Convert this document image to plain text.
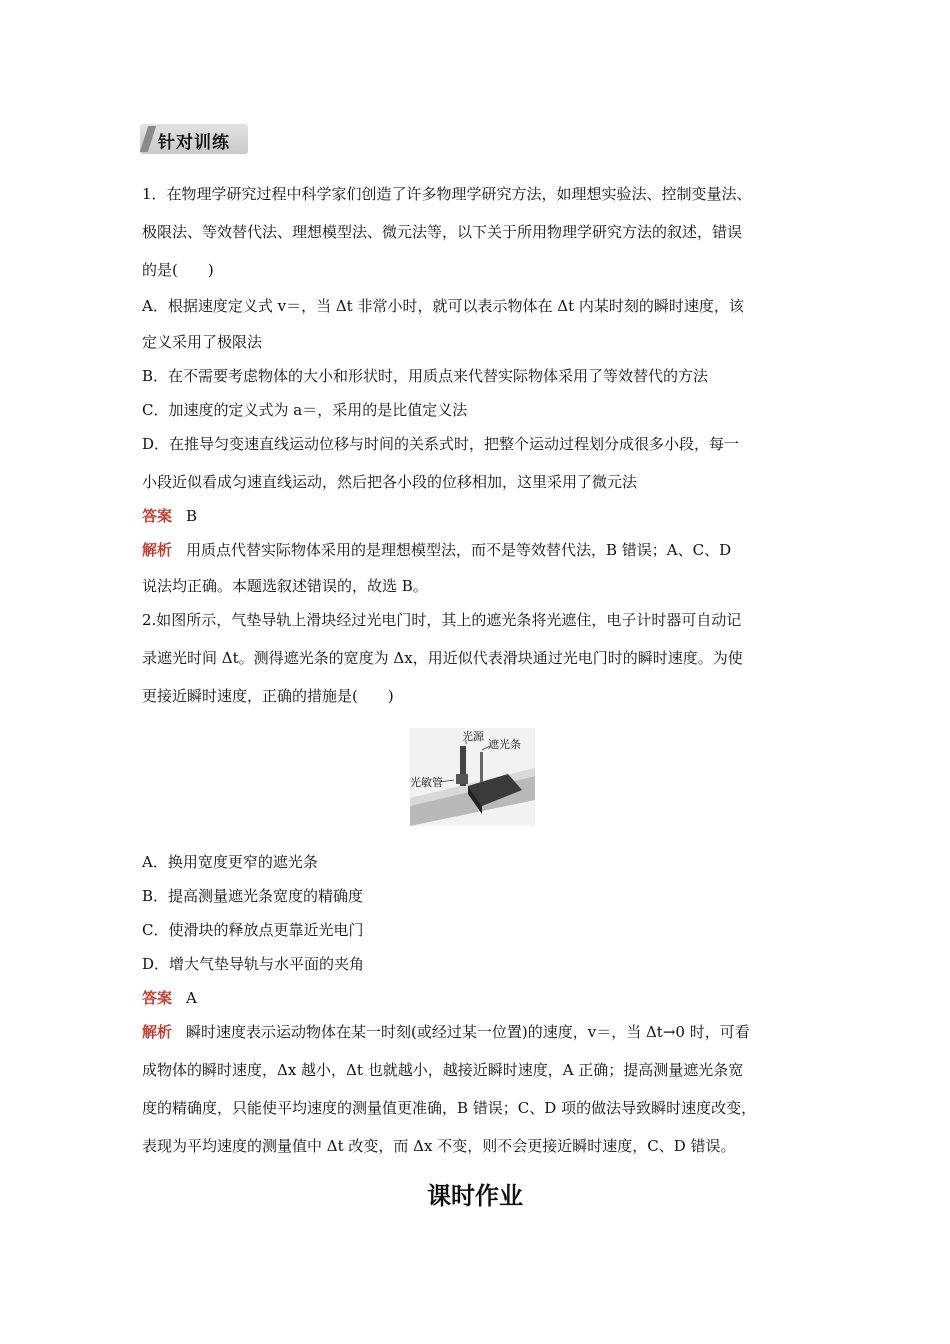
针对训练
1．在物理学研究过程中科学家们创造了许多物理学研究方法，如理想实验法、控制变量法、
极限法、等效替代法、理想模型法、微元法等，以下关于所用物理学研究方法的叙述，错误
的是(　　)
A．根据速度定义式 v＝，当 Δt 非常小时，就可以表示物体在 Δt 内某时刻的瞬时速度，该
定义采用了极限法
B．在不需要考虑物体的大小和形状时，用质点来代替实际物体采用了等效替代的方法
C．加速度的定义式为 a＝，采用的是比值定义法
D．在推导匀变速直线运动位移与时间的关系式时，把整个运动过程划分成很多小段，每一
小段近似看成匀速直线运动，然后把各小段的位移相加，这里采用了微元法
答案 B
解析 用质点代替实际物体采用的是理想模型法，而不是等效替代法，B 错误；A、C、D
说法均正确。本题选叙述错误的，故选 B。
2.如图所示，气垫导轨上滑块经过光电门时，其上的遮光条将光遮住，电子计时器可自动记
录遮光时间 Δt。测得遮光条的宽度为 Δx，用近似代表滑块通过光电门时的瞬时速度。为使
更接近瞬时速度，正确的措施是(　　)
光源
遮光条
光敏管
A．换用宽度更窄的遮光条
B．提高测量遮光条宽度的精确度
C．使滑块的释放点更靠近光电门
D．增大气垫导轨与水平面的夹角
答案 A
解析 瞬时速度表示运动物体在某一时刻(或经过某一位置)的速度，v＝，当 Δt→0 时，可看
成物体的瞬时速度，Δx 越小，Δt 也就越小，越接近瞬时速度，A 正确；提高测量遮光条宽
度的精确度，只能使平均速度的测量值更准确，B 错误；C、D 项的做法导致瞬时速度改变，
表现为平均速度的测量值中 Δt 改变，而 Δx 不变，则不会更接近瞬时速度，C、D 错误。
课时作业
